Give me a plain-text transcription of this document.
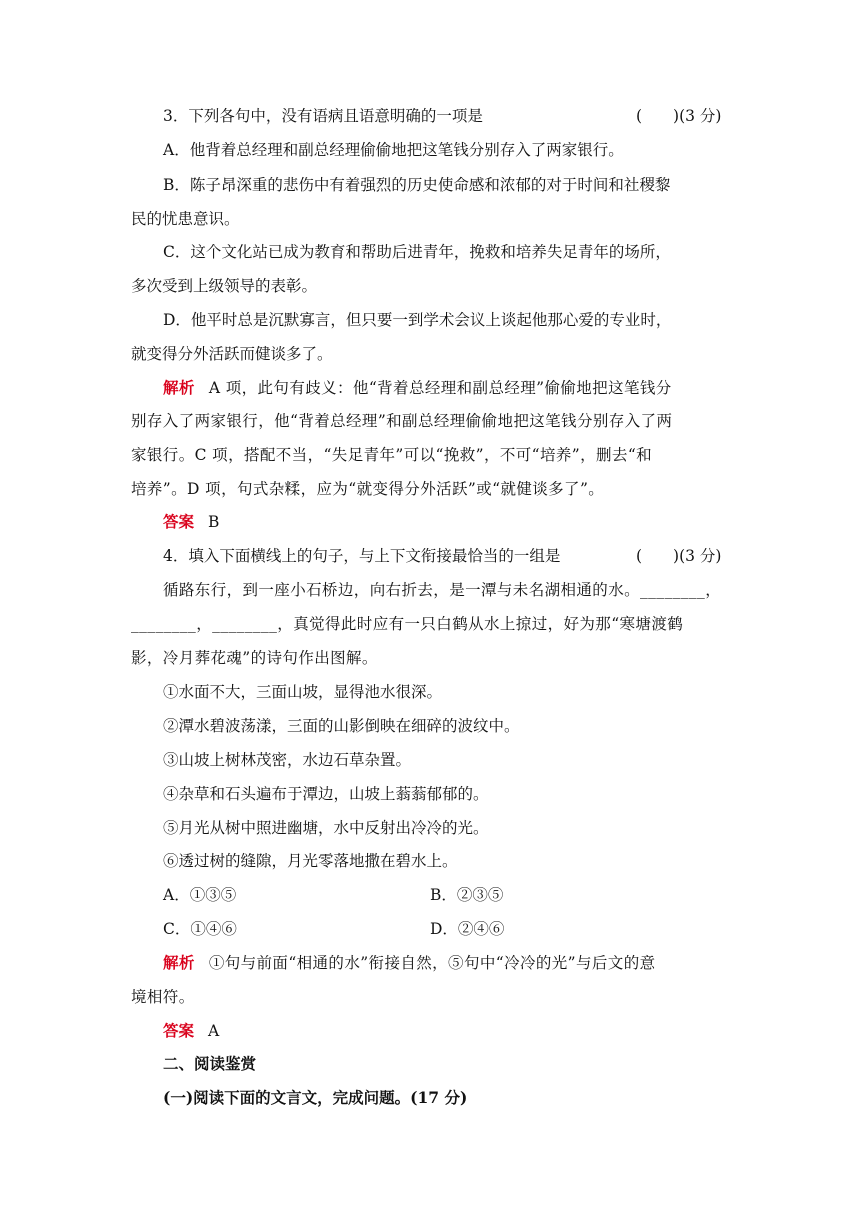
3．下列各句中，没有语病且语意明确的一项是	(　　)(3 分)
A．他背着总经理和副总经理偷偷地把这笔钱分别存入了两家银行。
B．陈子昂深重的悲伤中有着强烈的历史使命感和浓郁的对于时间和社稷黎
民的忧患意识。
C．这个文化站已成为教育和帮助后进青年，挽救和培养失足青年的场所，
多次受到上级领导的表彰。
D．他平时总是沉默寡言，但只要一到学术会议上谈起他那心爱的专业时，
就变得分外活跃而健谈多了。
解析 A 项，此句有歧义：他“背着总经理和副总经理”偷偷地把这笔钱分
别存入了两家银行，他“背着总经理”和副总经理偷偷地把这笔钱分别存入了两
家银行。C 项，搭配不当，“失足青年”可以“挽救”，不可“培养”，删去“和
培养”。D 项，句式杂糅，应为“就变得分外活跃”或“就健谈多了”。
答案 B
4．填入下面横线上的句子，与上下文衔接最恰当的一组是	(　　)(3 分)
循路东行，到一座小石桥边，向右折去，是一潭与未名湖相通的水。________，
________，________，真觉得此时应有一只白鹤从水上掠过，好为那“寒塘渡鹤
影，冷月葬花魂”的诗句作出图解。
①水面不大，三面山坡，显得池水很深。
②潭水碧波荡漾，三面的山影倒映在细碎的波纹中。
③山坡上树林茂密，水边石草杂置。
④杂草和石头遍布于潭边，山坡上蓊蓊郁郁的。
⑤月光从树中照进幽塘，水中反射出冷冷的光。
⑥透过树的缝隙，月光零落地撒在碧水上。
A．①③⑤	B．②③⑤
C．①④⑥	D．②④⑥
解析 ①句与前面“相通的水”衔接自然，⑤句中“冷冷的光”与后文的意
境相符。
答案 A
二、阅读鉴赏
(一)阅读下面的文言文，完成问题。(17 分)
